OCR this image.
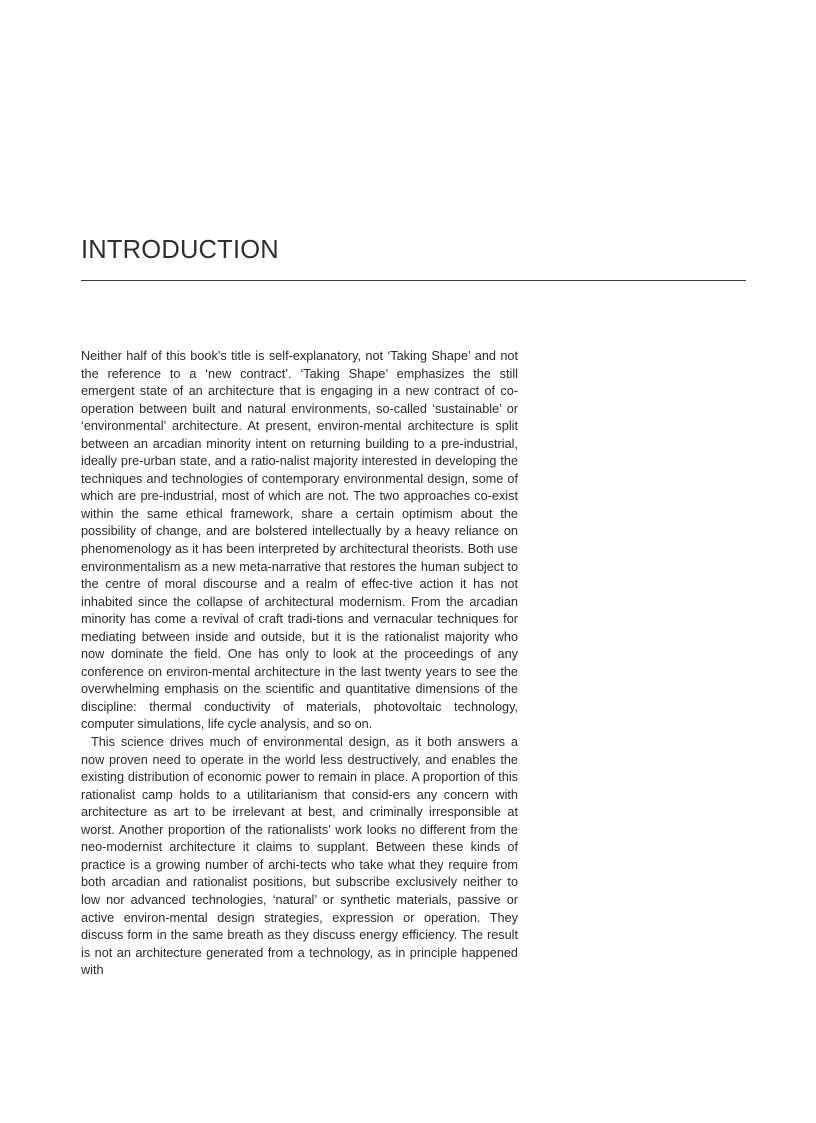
INTRODUCTION

Neither half of this book’s title is self-explanatory, not ‘Taking Shape’ and not the reference to a ‘new contract’. ‘Taking Shape’ emphasizes the still emergent state of an architecture that is engaging in a new contract of co-operation between built and natural environments, so-called ‘sustainable’ or ‘environmental’ architecture. At present, environ-mental architecture is split between an arcadian minority intent on returning building to a pre-industrial, ideally pre-urban state, and a ratio-nalist majority interested in developing the techniques and technologies of contemporary environmental design, some of which are pre-industrial, most of which are not. The two approaches co-exist within the same ethical framework, share a certain optimism about the possibility of change, and are bolstered intellectually by a heavy reliance on phenomenology as it has been interpreted by architectural theorists. Both use environmentalism as a new meta-narrative that restores the human subject to the centre of moral discourse and a realm of effec-tive action it has not inhabited since the collapse of architectural modernism. From the arcadian minority has come a revival of craft tradi-tions and vernacular techniques for mediating between inside and outside, but it is the rationalist majority who now dominate the field. One has only to look at the proceedings of any conference on environ-mental architecture in the last twenty years to see the overwhelming emphasis on the scientific and quantitative dimensions of the discipline: thermal conductivity of materials, photovoltaic technology, computer simulations, life cycle analysis, and so on.

This science drives much of environmental design, as it both answers a now proven need to operate in the world less destructively, and enables the existing distribution of economic power to remain in place. A proportion of this rationalist camp holds to a utilitarianism that consid-ers any concern with architecture as art to be irrelevant at best, and criminally irresponsible at worst. Another proportion of the rationalists’ work looks no different from the neo-modernist architecture it claims to supplant. Between these kinds of practice is a growing number of archi-tects who take what they require from both arcadian and rationalist positions, but subscribe exclusively neither to low nor advanced technologies, ‘natural’ or synthetic materials, passive or active environ-mental design strategies, expression or operation. They discuss form in the same breath as they discuss energy efficiency. The result is not an architecture generated from a technology, as in principle happened with
